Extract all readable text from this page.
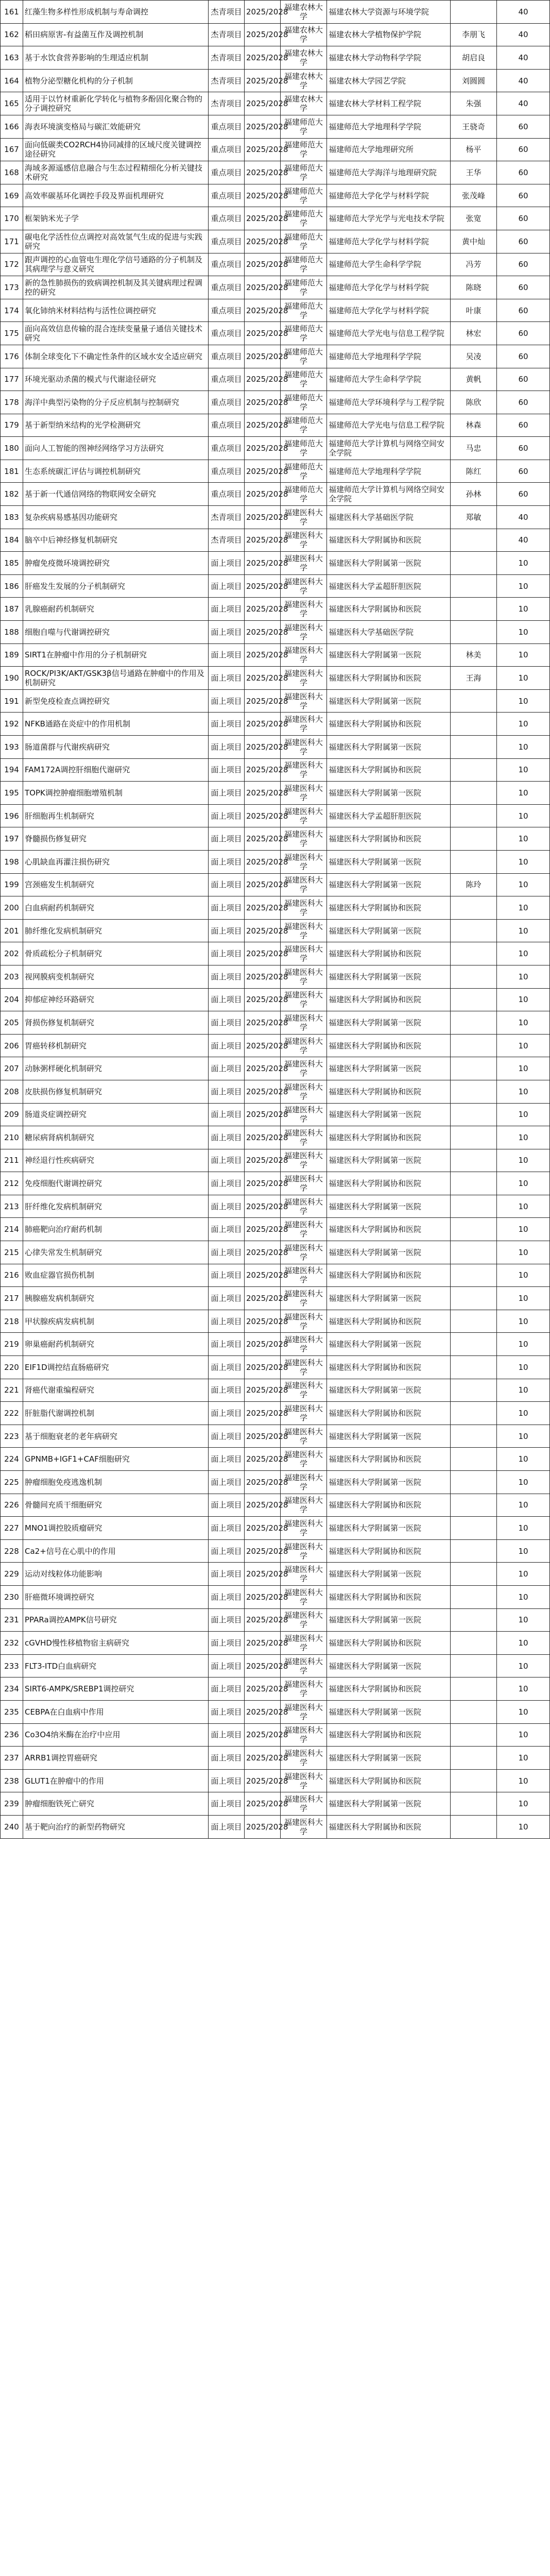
161	红藻生物多样性形成机制与寿命调控	杰青项目	2025/2028	福建农林大学	福建农林大学资源与环境学院		40
162	稻田病原害-有益菌互作及调控机制	杰青项目	2025/2028	福建农林大学	福建农林大学植物保护学院	李朋飞	40
163	基于水饮食营养影响的生理适应机制	杰青项目	2025/2028	福建农林大学	福建农林大学动物科学学院	胡启良	40
164	植物分泌型糖化机构的分子机制	杰青项目	2025/2028	福建农林大学	福建农林大学园艺学院	刘圆圆	40
165	适用于以竹材重新化学转化与植物多酚固化聚合物的分子调控研究	杰青项目	2025/2028	福建农林大学	福建农林大学材料工程学院	朱强	40
166	海表环境演变格局与碳汇效能研究	重点项目	2025/2028	福建师范大学	福建师范大学地理科学学院	王骁奇	60
167	面向低碳类CO2RCH4协同减排的区域尺度关键调控途径研究	重点项目	2025/2028	福建师范大学	福建师范大学地理研究所	杨平	60
168	海域多源遥感信息融合与生态过程精细化分析关键技术研究	重点项目	2025/2028	福建师范大学	福建师范大学海洋与地理研究院	王华	60
169	高效率碳基环化调控手段及界面机理研究	重点项目	2025/2028	福建师范大学	福建师范大学化学与材料学院	张茂峰	60
170	框架钠米光子学	重点项目	2025/2028	福建师范大学	福建师范大学光学与光电技术学院	张宽	60
171	碳电化学活性位点调控对高效氢气生成的促进与实践研究	重点项目	2025/2028	福建师范大学	福建师范大学化学与材料学院	黄中灿	60
172	跟声调控的心血管电生理化学信号通路的分子机制及其病理学与意义研究	重点项目	2025/2028	福建师范大学	福建师范大学生命科学学院	冯芳	60
173	新的急性肺损伤的致病调控机制及其关键病理过程调控的研究	重点项目	2025/2028	福建师范大学	福建师范大学化学与材料学院	陈晓	60
174	氧化铈纳米材料结构与活性位调控研究	重点项目	2025/2028	福建师范大学	福建师范大学化学与材料学院	叶康	60
175	面向高效信息传输的混合连续变量量子通信关键技术研究	重点项目	2025/2028	福建师范大学	福建师范大学光电与信息工程学院	林宏	60
176	体制全球变化下不确定性条件的区域水安全适应研究	重点项目	2025/2028	福建师范大学	福建师范大学地理科学学院	吴凌	60
177	环境光驱动杀菌的模式与代谢途径研究	重点项目	2025/2028	福建师范大学	福建师范大学生命科学学院	黄帆	60
178	海洋中典型污染物的分子反应机制与控制研究	重点项目	2025/2028	福建师范大学	福建师范大学环境科学与工程学院	陈欣	60
179	基于新型纳米结构的光学检测研究	重点项目	2025/2028	福建师范大学	福建师范大学光电与信息工程学院	林森	60
180	面向人工智能的图神经网络学习方法研究	重点项目	2025/2028	福建师范大学	福建师范大学计算机与网络空间安全学院	马忠	60
181	生态系统碳汇评估与调控机制研究	重点项目	2025/2028	福建师范大学	福建师范大学地理科学学院	陈红	60
182	基于新一代通信网络的物联网安全研究	重点项目	2025/2028	福建师范大学	福建师范大学计算机与网络空间安全学院	孙林	60
183	复杂疾病易感基因功能研究	杰青项目	2025/2028	福建医科大学	福建医科大学基础医学院	郑敏	40
184	脑卒中后神经修复机制研究	杰青项目	2025/2028	福建医科大学	福建医科大学附属协和医院		40
185	肿瘤免疫微环境调控研究	面上项目	2025/2028	福建医科大学	福建医科大学附属第一医院		10
186	肝癌发生发展的分子机制研究	面上项目	2025/2028	福建医科大学	福建医科大学孟超肝胆医院		10
187	乳腺癌耐药机制研究	面上项目	2025/2028	福建医科大学	福建医科大学附属协和医院		10
188	细胞自噬与代谢调控研究	面上项目	2025/2028	福建医科大学	福建医科大学基础医学院		10
189	SIRT1在肿瘤中作用的分子机制研究	面上项目	2025/2028	福建医科大学	福建医科大学附属第一医院	林美	10
190	ROCK/PI3K/AKT/GSK3β信号通路在肿瘤中的作用及机制研究	面上项目	2025/2028	福建医科大学	福建医科大学附属协和医院	王海	10
191	新型免疫检查点调控研究	面上项目	2025/2028	福建医科大学	福建医科大学附属第一医院		10
192	NFKB通路在炎症中的作用机制	面上项目	2025/2028	福建医科大学	福建医科大学附属协和医院		10
193	肠道菌群与代谢疾病研究	面上项目	2025/2028	福建医科大学	福建医科大学附属第一医院		10
194	FAM172A调控肝细胞代谢研究	面上项目	2025/2028	福建医科大学	福建医科大学附属协和医院		10
195	TOPK调控肿瘤细胞增殖机制	面上项目	2025/2028	福建医科大学	福建医科大学附属第一医院		10
196	肝细胞再生机制研究	面上项目	2025/2028	福建医科大学	福建医科大学孟超肝胆医院		10
197	脊髓损伤修复研究	面上项目	2025/2028	福建医科大学	福建医科大学附属协和医院		10
198	心肌缺血再灌注损伤研究	面上项目	2025/2028	福建医科大学	福建医科大学附属第一医院		10
199	宫颈癌发生机制研究	面上项目	2025/2028	福建医科大学	福建医科大学附属第一医院	陈玲	10
200	白血病耐药机制研究	面上项目	2025/2028	福建医科大学	福建医科大学附属协和医院		10
201	肺纤维化发病机制研究	面上项目	2025/2028	福建医科大学	福建医科大学附属第一医院		10
202	骨质疏松分子机制研究	面上项目	2025/2028	福建医科大学	福建医科大学附属协和医院		10
203	视网膜病变机制研究	面上项目	2025/2028	福建医科大学	福建医科大学附属第一医院		10
204	抑郁症神经环路研究	面上项目	2025/2028	福建医科大学	福建医科大学附属协和医院		10
205	肾损伤修复机制研究	面上项目	2025/2028	福建医科大学	福建医科大学附属第一医院		10
206	胃癌转移机制研究	面上项目	2025/2028	福建医科大学	福建医科大学附属协和医院		10
207	动脉粥样硬化机制研究	面上项目	2025/2028	福建医科大学	福建医科大学附属第一医院		10
208	皮肤损伤修复机制研究	面上项目	2025/2028	福建医科大学	福建医科大学附属协和医院		10
209	肠道炎症调控研究	面上项目	2025/2028	福建医科大学	福建医科大学附属第一医院		10
210	糖尿病肾病机制研究	面上项目	2025/2028	福建医科大学	福建医科大学附属协和医院		10
211	神经退行性疾病研究	面上项目	2025/2028	福建医科大学	福建医科大学附属第一医院		10
212	免疫细胞代谢调控研究	面上项目	2025/2028	福建医科大学	福建医科大学附属协和医院		10
213	肝纤维化发病机制研究	面上项目	2025/2028	福建医科大学	福建医科大学附属第一医院		10
214	肺癌靶向治疗耐药机制	面上项目	2025/2028	福建医科大学	福建医科大学附属协和医院		10
215	心律失常发生机制研究	面上项目	2025/2028	福建医科大学	福建医科大学附属第一医院		10
216	败血症器官损伤机制	面上项目	2025/2028	福建医科大学	福建医科大学附属协和医院		10
217	胰腺癌发病机制研究	面上项目	2025/2028	福建医科大学	福建医科大学附属第一医院		10
218	甲状腺疾病发病机制	面上项目	2025/2028	福建医科大学	福建医科大学附属协和医院		10
219	卵巢癌耐药机制研究	面上项目	2025/2028	福建医科大学	福建医科大学附属第一医院		10
220	EIF1D调控结直肠癌研究	面上项目	2025/2028	福建医科大学	福建医科大学附属协和医院		10
221	肾癌代谢重编程研究	面上项目	2025/2028	福建医科大学	福建医科大学附属第一医院		10
222	肝脏脂代谢调控机制	面上项目	2025/2028	福建医科大学	福建医科大学附属协和医院		10
223	基于细胞衰老的老年病研究	面上项目	2025/2028	福建医科大学	福建医科大学附属第一医院		10
224	GPNMB+IGF1+CAF细胞研究	面上项目	2025/2028	福建医科大学	福建医科大学附属协和医院		10
225	肿瘤细胞免疫逃逸机制	面上项目	2025/2028	福建医科大学	福建医科大学附属第一医院		10
226	骨髓间充质干细胞研究	面上项目	2025/2028	福建医科大学	福建医科大学附属协和医院		10
227	MNO1调控胶质瘤研究	面上项目	2025/2028	福建医科大学	福建医科大学附属第一医院		10
228	Ca2+信号在心肌中的作用	面上项目	2025/2028	福建医科大学	福建医科大学附属协和医院		10
229	运动对线粒体功能影响	面上项目	2025/2028	福建医科大学	福建医科大学附属第一医院		10
230	肝癌微环境调控研究	面上项目	2025/2028	福建医科大学	福建医科大学附属协和医院		10
231	PPARa调控AMPK信号研究	面上项目	2025/2028	福建医科大学	福建医科大学附属第一医院		10
232	cGVHD慢性移植物宿主病研究	面上项目	2025/2028	福建医科大学	福建医科大学附属协和医院		10
233	FLT3-ITD白血病研究	面上项目	2025/2028	福建医科大学	福建医科大学附属第一医院		10
234	SIRT6-AMPK/SREBP1调控研究	面上项目	2025/2028	福建医科大学	福建医科大学附属协和医院		10
235	CEBPA在白血病中作用	面上项目	2025/2028	福建医科大学	福建医科大学附属第一医院		10
236	Co3O4纳米酶在治疗中应用	面上项目	2025/2028	福建医科大学	福建医科大学附属协和医院		10
237	ARRB1调控胃癌研究	面上项目	2025/2028	福建医科大学	福建医科大学附属第一医院		10
238	GLUT1在肿瘤中的作用	面上项目	2025/2028	福建医科大学	福建医科大学附属协和医院		10
239	肿瘤细胞铁死亡研究	面上项目	2025/2028	福建医科大学	福建医科大学附属第一医院		10
240	基于靶向治疗的新型药物研究	面上项目	2025/2028	福建医科大学	福建医科大学附属协和医院		10
